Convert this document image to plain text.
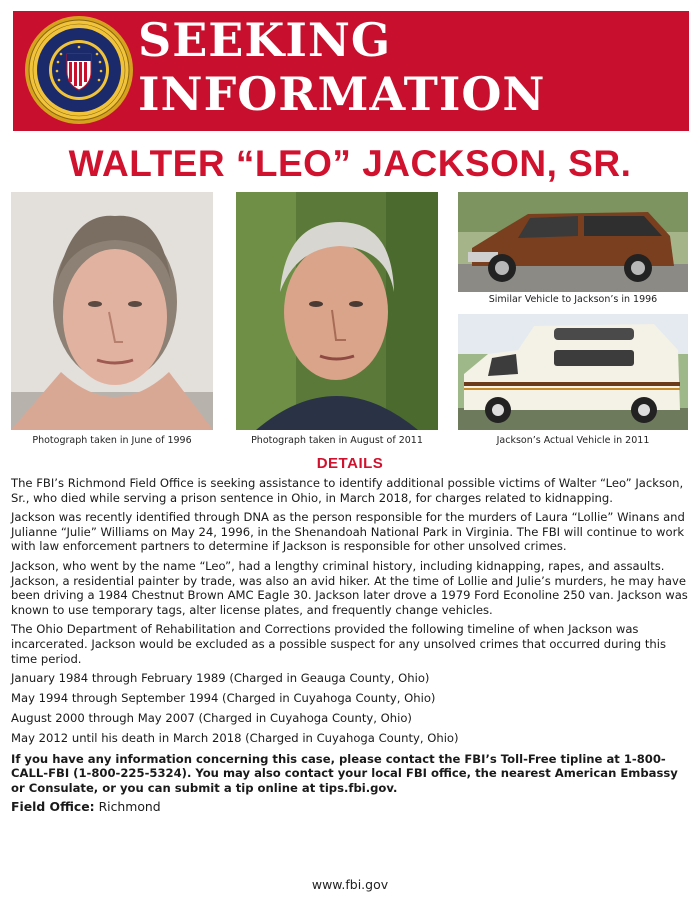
SEEKING
INFORMATION
WALTER “LEO” JACKSON, SR.
Photograph taken in June of 1996	Photograph taken in August of 2011
Similar Vehicle to Jackson’s in 1996
Jackson’s Actual Vehicle in 2011
DETAILS

The FBI’s Richmond Field Office is seeking assistance to identify additional possible victims of Walter “Leo” Jackson, Sr., who died while serving a prison sentence in Ohio, in March 2018, for charges related to kidnapping.

Jackson was recently identified through DNA as the person responsible for the murders of Laura “Lollie” Winans and Julianne “Julie” Williams on May 24, 1996, in the Shenandoah National Park in Virginia. The FBI will continue to work with law enforcement partners to determine if Jackson is responsible for other unsolved crimes.

Jackson, who went by the name “Leo”, had a lengthy criminal history, including kidnapping, rapes, and assaults. Jackson, a residential painter by trade, was also an avid hiker. At the time of Lollie and Julie’s murders, he may have been driving a 1984 Chestnut Brown AMC Eagle 30. Jackson later drove a 1979 Ford Econoline 250 van. Jackson was known to use temporary tags, alter license plates, and frequently change vehicles.

The Ohio Department of Rehabilitation and Corrections provided the following timeline of when Jackson was incarcerated. Jackson would be excluded as a possible suspect for any unsolved crimes that occurred during this time period.

January 1984 through February 1989 (Charged in Geauga County, Ohio)

May 1994 through September 1994 (Charged in Cuyahoga County, Ohio)

August 2000 through May 2007 (Charged in Cuyahoga County, Ohio)

May 2012 until his death in March 2018 (Charged in Cuyahoga County, Ohio)

If you have any information concerning this case, please contact the FBI’s Toll-Free tipline at 1-800-CALL-FBI (1-800-225-5324). You may also contact your local FBI office, the nearest American Embassy or Consulate, or you can submit a tip online at tips.fbi.gov.

Field Office: Richmond

www.fbi.gov
